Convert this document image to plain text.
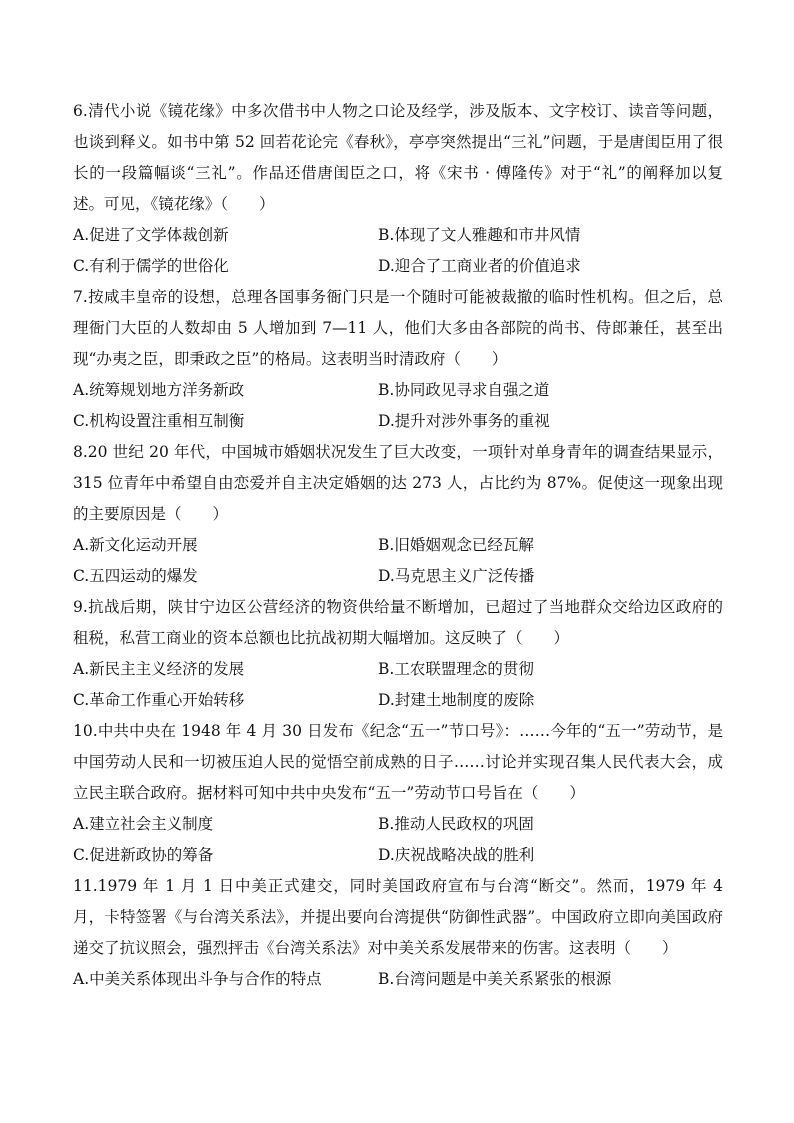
6.清代小说《镜花缘》中多次借书中人物之口论及经学，涉及版本、文字校订、读音等问题，也谈到释义。如书中第 52 回若花论完《春秋》，亭亭突然提出“三礼”问题，于是唐闺臣用了很长的一段篇幅谈“三礼”。作品还借唐闺臣之口，将《宋书 · 傅隆传》对于“礼”的阐释加以复述。可见，《镜花缘》（　　）

A.促进了文学体裁创新	B.体现了文人雅趣和市井风情
C.有利于儒学的世俗化	D.迎合了工商业者的价值追求

7.按咸丰皇帝的设想，总理各国事务衙门只是一个随时可能被裁撤的临时性机构。但之后，总理衙门大臣的人数却由 5 人增加到 7—11 人，他们大多由各部院的尚书、侍郎兼任，甚至出现“办夷之臣，即秉政之臣”的格局。这表明当时清政府（　　）

A.统筹规划地方洋务新政	B.协同政见寻求自强之道
C.机构设置注重相互制衡	D.提升对涉外事务的重视

8.20 世纪 20 年代，中国城市婚姻状况发生了巨大改变，一项针对单身青年的调查结果显示，315 位青年中希望自由恋爱并自主决定婚姻的达 273 人，占比约为 87%。促使这一现象出现的主要原因是（　　）

A.新文化运动开展	B.旧婚姻观念已经瓦解
C.五四运动的爆发	D.马克思主义广泛传播

9.抗战后期，陕甘宁边区公营经济的物资供给量不断增加，已超过了当地群众交给边区政府的租税，私营工商业的资本总额也比抗战初期大幅增加。这反映了（　　）

A.新民主主义经济的发展	B.工农联盟理念的贯彻
C.革命工作重心开始转移	D.封建土地制度的废除

10.中共中央在 1948 年 4 月 30 日发布《纪念“五一”节口号》：……今年的“五一”劳动节，是中国劳动人民和一切被压迫人民的觉悟空前成熟的日子……讨论并实现召集人民代表大会，成立民主联合政府。据材料可知中共中央发布“五一”劳动节口号旨在（　　）

A.建立社会主义制度	B.推动人民政权的巩固
C.促进新政协的筹备	D.庆祝战略决战的胜利

11.1979 年 1 月 1 日中美正式建交，同时美国政府宣布与台湾“断交”。然而，1979 年 4 月，卡特签署《与台湾关系法》，并提出要向台湾提供“防御性武器”。中国政府立即向美国政府递交了抗议照会，强烈抨击《台湾关系法》对中美关系发展带来的伤害。这表明（　　）

A.中美关系体现出斗争与合作的特点	B.台湾问题是中美关系紧张的根源
